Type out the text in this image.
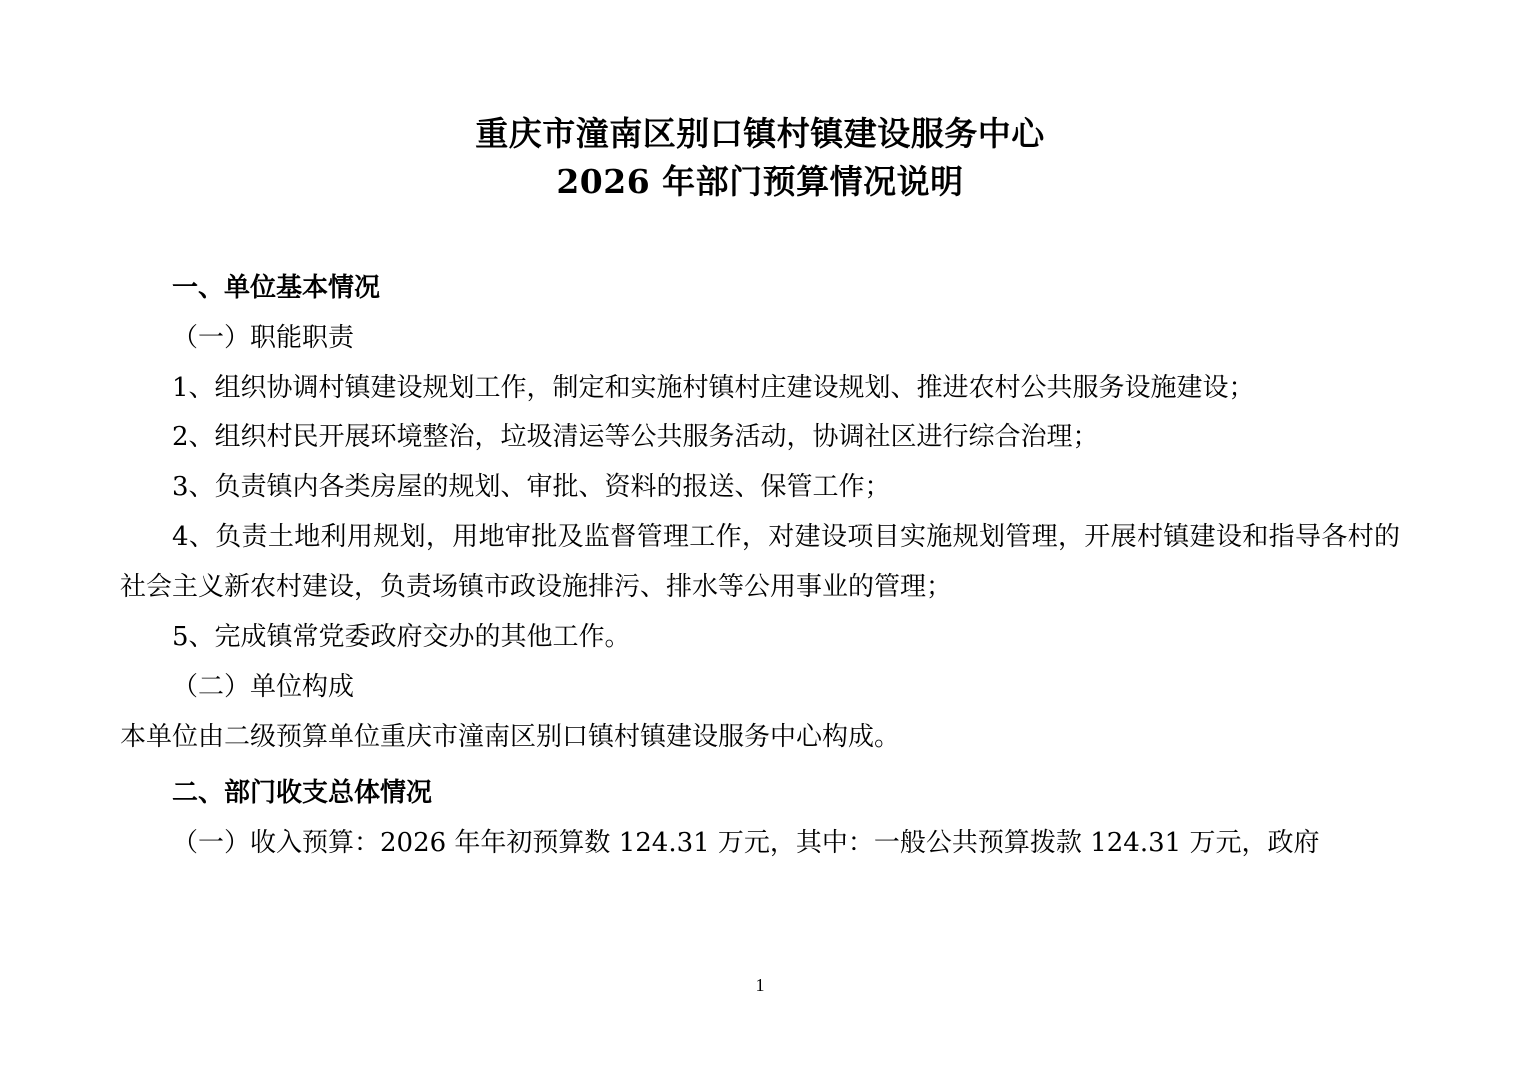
重庆市潼南区别口镇村镇建设服务中心
2026 年部门预算情况说明

一、单位基本情况

（一）职能职责

1、组织协调村镇建设规划工作，制定和实施村镇村庄建设规划、推进农村公共服务设施建设；

2、组织村民开展环境整治，垃圾清运等公共服务活动，协调社区进行综合治理；

3、负责镇内各类房屋的规划、审批、资料的报送、保管工作；

4、负责土地利用规划，用地审批及监督管理工作，对建设项目实施规划管理，开展村镇建设和指导各村的社会主义新农村建设，负责场镇市政设施排污、排水等公用事业的管理；

5、完成镇常党委政府交办的其他工作。

（二）单位构成

本单位由二级预算单位重庆市潼南区别口镇村镇建设服务中心构成。

二、部门收支总体情况

（一）收入预算：2026 年年初预算数 124.31 万元，其中：一般公共预算拨款 124.31 万元，政府

1
